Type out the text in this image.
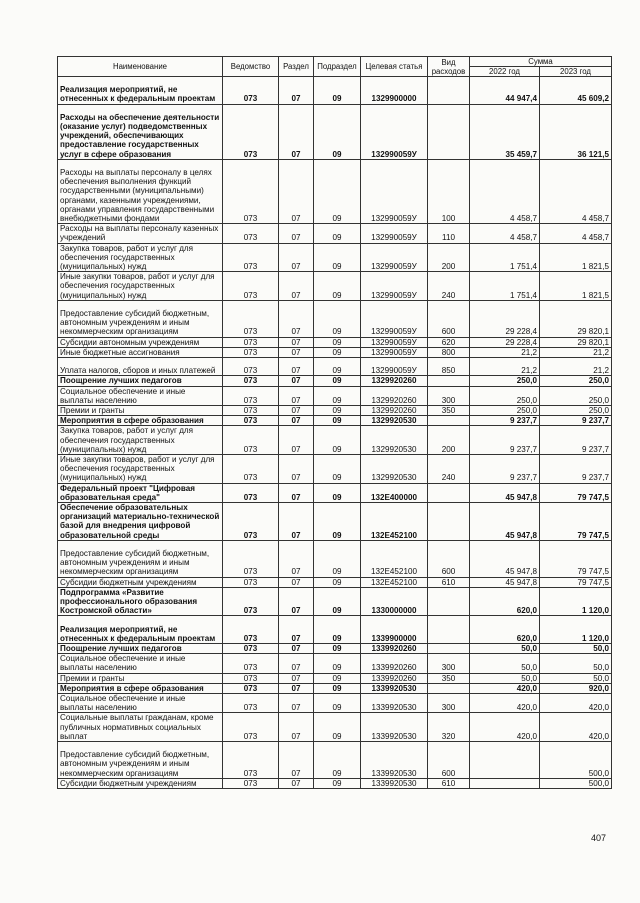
Наименование	Ведомство	Раздел	Подраздел	Целевая статья	Вид расходов	Сумма	
						2022 год	2023 год
Реализация мероприятий, не отнесенных к федеральным проектам	073	07	09	1329900000		44 947,4	45 609,2
Расходы на обеспечение деятельности (оказание услуг) подведомственных учреждений, обеспечивающих предоставление государственных услуг в сфере образования	073	07	09	132990059У		35 459,7	36 121,5
Расходы на выплаты персоналу в целях обеспечения выполнения функций государственными (муниципальными) органами, казенными учреждениями, органами управления государственными внебюджетными фондами	073	07	09	132990059У	100	4 458,7	4 458,7
Расходы на выплаты персоналу казенных учреждений	073	07	09	132990059У	110	4 458,7	4 458,7
Закупка товаров, работ и услуг для обеспечения государственных (муниципальных) нужд	073	07	09	132990059У	200	1 751,4	1 821,5
Иные закупки товаров, работ и услуг для обеспечения государственных (муниципальных) нужд	073	07	09	132990059У	240	1 751,4	1 821,5
Предоставление субсидий бюджетным, автономным учреждениям и иным некоммерческим организациям	073	07	09	132990059У	600	29 228,4	29 820,1
Субсидии автономным учреждениям	073	07	09	132990059У	620	29 228,4	29 820,1
Иные бюджетные ассигнования	073	07	09	132990059У	800	21,2	21,2
Уплата налогов, сборов и иных платежей	073	07	09	132990059У	850	21,2	21,2
Поощрение лучших педагогов	073	07	09	1329920260		250,0	250,0
Социальное обеспечение и иные выплаты населению	073	07	09	1329920260	300	250,0	250,0
Премии и гранты	073	07	09	1329920260	350	250,0	250,0
Мероприятия в сфере образования	073	07	09	1329920530		9 237,7	9 237,7
Закупка товаров, работ и услуг для обеспечения государственных (муниципальных) нужд	073	07	09	1329920530	200	9 237,7	9 237,7
Иные закупки товаров, работ и услуг для обеспечения государственных (муниципальных) нужд	073	07	09	1329920530	240	9 237,7	9 237,7
Федеральный проект "Цифровая образовательная среда"	073	07	09	132Е400000		45 947,8	79 747,5
Обеспечение образовательных организаций материально-технической базой для внедрения цифровой образовательной среды	073	07	09	132Е452100		45 947,8	79 747,5
Предоставление субсидий бюджетным, автономным учреждениям и иным некоммерческим организациям	073	07	09	132Е452100	600	45 947,8	79 747,5
Субсидии бюджетным учреждениям	073	07	09	132Е452100	610	45 947,8	79 747,5
Подпрограмма «Развитие профессионального образования Костромской области»	073	07	09	1330000000		620,0	1 120,0
Реализация мероприятий, не отнесенных к федеральным проектам	073	07	09	1339900000		620,0	1 120,0
Поощрение лучших педагогов	073	07	09	1339920260		50,0	50,0
Социальное обеспечение и иные выплаты населению	073	07	09	1339920260	300	50,0	50,0
Премии и гранты	073	07	09	1339920260	350	50,0	50,0
Мероприятия в сфере образования	073	07	09	1339920530		420,0	920,0
Социальное обеспечение и иные выплаты населению	073	07	09	1339920530	300	420,0	420,0
Социальные выплаты гражданам, кроме публичных нормативных социальных выплат	073	07	09	1339920530	320	420,0	420,0
Предоставление субсидий бюджетным, автономным учреждениям и иным некоммерческим организациям	073	07	09	1339920530	600		500,0
Субсидии бюджетным учреждениям	073	07	09	1339920530	610		500,0
407
